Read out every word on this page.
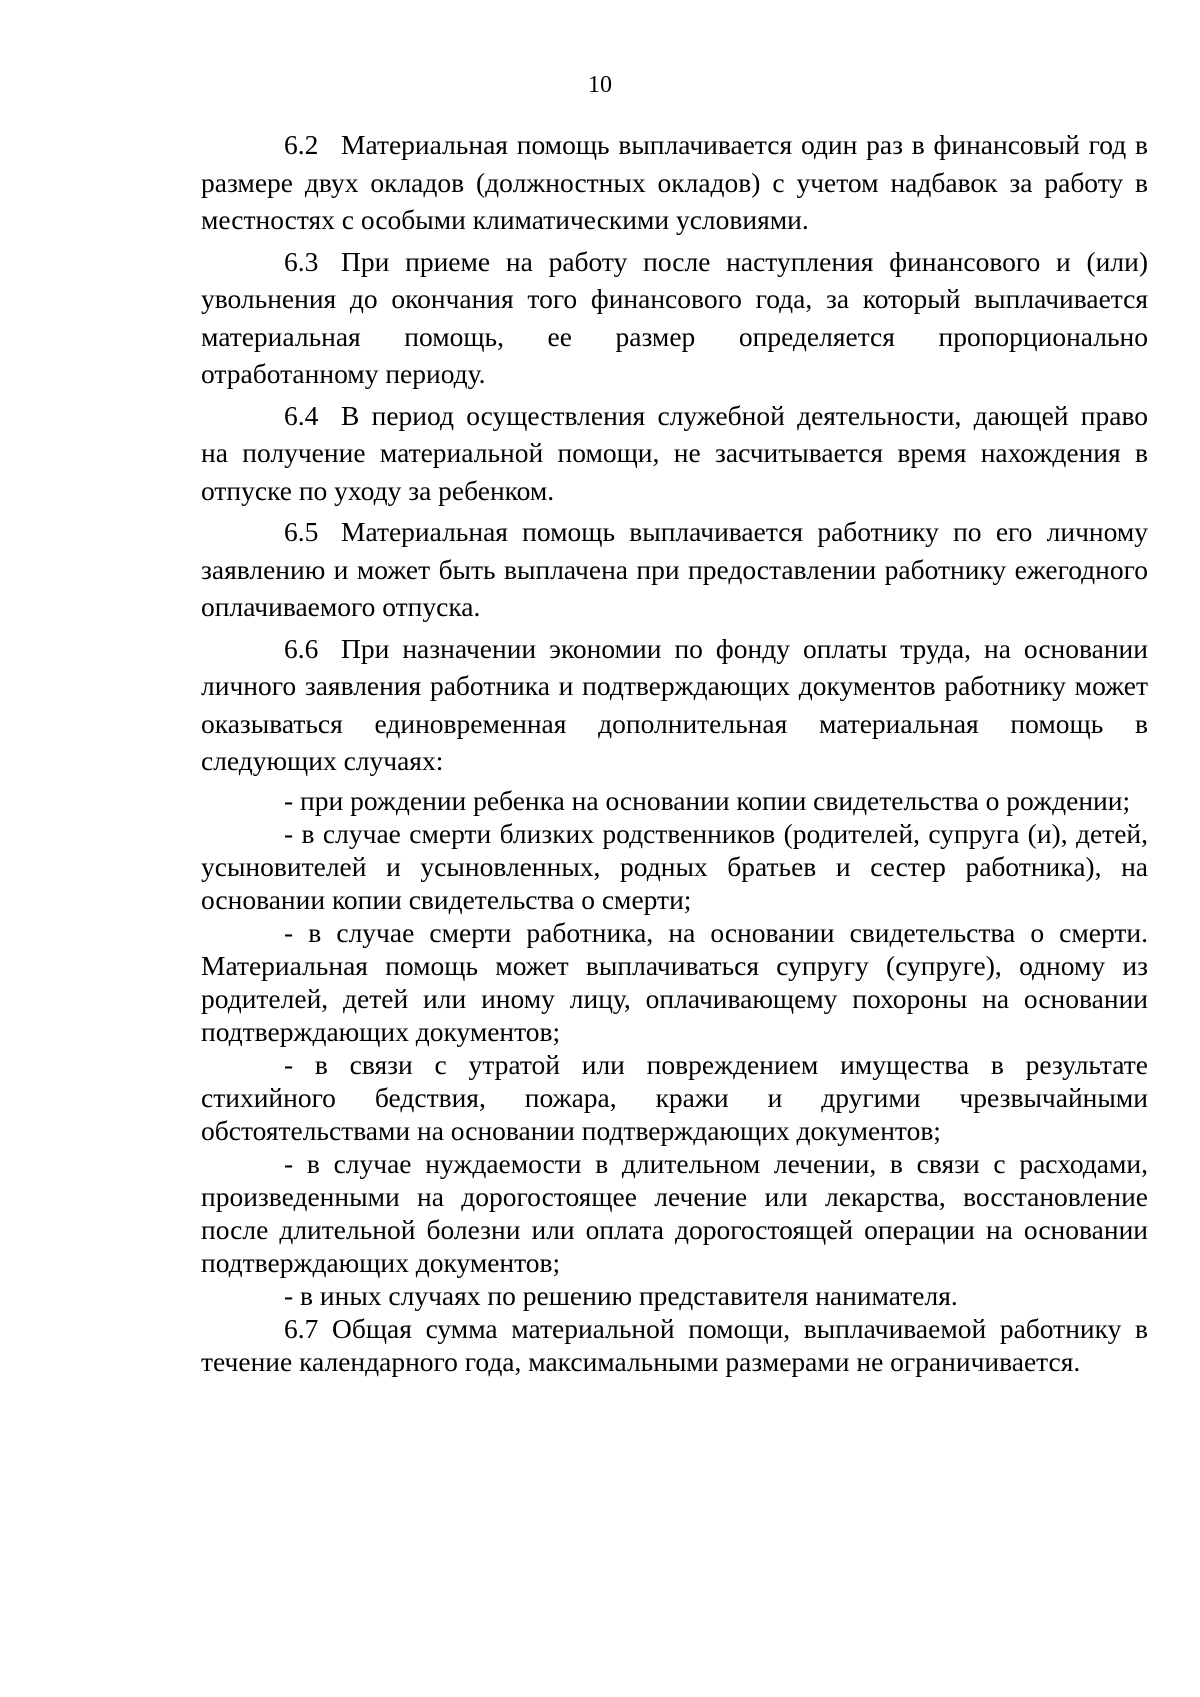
10

6.2 Материальная помощь выплачивается один раз в финансовый год в размере двух окладов (должностных окладов) с учетом надбавок за работу в местностях с особыми климатическими условиями.

6.3 При приеме на работу после наступления финансового и (или) увольнения до окончания того финансового года, за который выплачивается материальная помощь, ее размер определяется пропорционально отработанному периоду.

6.4 В период осуществления служебной деятельности, дающей право на получение материальной помощи, не засчитывается время нахождения в отпуске по уходу за ребенком.

6.5 Материальная помощь выплачивается работнику по его личному заявлению и может быть выплачена при предоставлении работнику ежегодного оплачиваемого отпуска.

6.6 При назначении экономии по фонду оплаты труда, на основании личного заявления работника и подтверждающих документов работнику может оказываться единовременная дополнительная материальная помощь в следующих случаях:

- при рождении ребенка на основании копии свидетельства о рождении;

- в случае смерти близких родственников (родителей, супруга (и), детей, усыновителей и усыновленных, родных братьев и сестер работника), на основании копии свидетельства о смерти;

- в случае смерти работника, на основании свидетельства о смерти. Материальная помощь может выплачиваться супругу (супруге), одному из родителей, детей или иному лицу, оплачивающему похороны на основании подтверждающих документов;

- в связи с утратой или повреждением имущества в результате стихийного бедствия, пожара, кражи и другими чрезвычайными обстоятельствами на основании подтверждающих документов;

- в случае нуждаемости в длительном лечении, в связи с расходами, произведенными на дорогостоящее лечение или лекарства, восстановление после длительной болезни или оплата дорогостоящей операции на основании подтверждающих документов;

- в иных случаях по решению представителя нанимателя.

6.7 Общая сумма материальной помощи, выплачиваемой работнику в течение календарного года, максимальными размерами не ограничивается.
